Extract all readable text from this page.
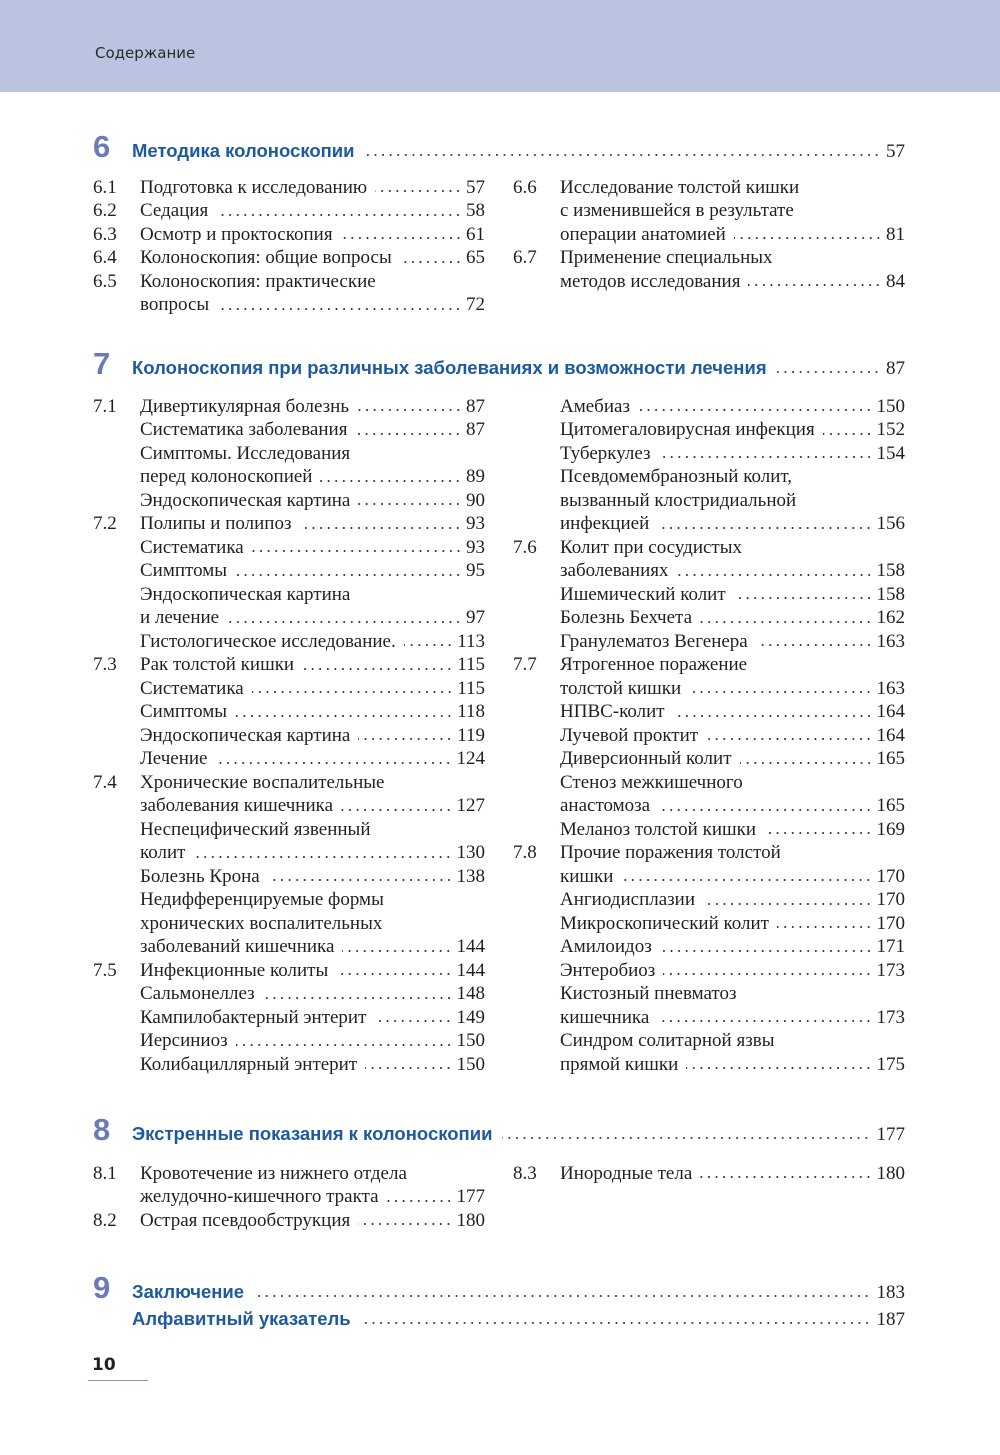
Содержание
6	Методика колоноскопии	57
6.1	Подготовка к исследованию	57
6.2	Седация	58
6.3	Осмотр и проктоскопия	61
6.4	Колоноскопия: общие вопросы	65
6.5	Колоноскопия: практические
вопросы	72
6.6	Исследование толстой кишки
с изменившейся в результате
операции анатомией	81
6.7	Применение специальных
методов исследования	84
7	Колоноскопия при различных заболеваниях и возможности лечения	87
7.1	Дивертикулярная болезнь	87
Систематика заболевания	87
Симптомы. Исследования
перед колоноскопией	89
Эндоскопическая картина	90
7.2	Полипы и полипоз	93
Систематика	93
Симптомы	95
Эндоскопическая картина
и лечение	97
Гистологическое исследование.	113
7.3	Рак толстой кишки	115
Систематика	115
Симптомы	118
Эндоскопическая картина	119
Лечение	124
7.4	Хронические воспалительные
заболевания кишечника	127
Неспецифический язвенный
колит	130
Болезнь Крона	138
Недифференцируемые формы
хронических воспалительных
заболеваний кишечника	144
7.5	Инфекционные колиты	144
Сальмонеллез	148
Кампилобактерный энтерит	149
Иерсиниоз	150
Колибациллярный энтерит	150
Амебиаз	150
Цитомегаловирусная инфекция	152
Туберкулез	154
Псевдомембранозный колит,
вызванный клостридиальной
инфекцией	156
7.6	Колит при сосудистых
заболеваниях	158
Ишемический колит	158
Болезнь Бехчета	162
Гранулематоз Вегенера	163
7.7	Ятрогенное поражение
толстой кишки	163
НПВС-колит	164
Лучевой проктит	164
Диверсионный колит	165
Стеноз межкишечного
анастомоза	165
Меланоз толстой кишки	169
7.8	Прочие поражения толстой
кишки	170
Ангиодисплазии	170
Микроскопический колит	170
Амилоидоз	171
Энтеробиоз	173
Кистозный пневматоз
кишечника	173
Синдром солитарной язвы
прямой кишки	175
8	Экстренные показания к колоноскопии	177
8.1	Кровотечение из нижнего отдела
желудочно-кишечного тракта	177
8.2	Острая псевдообструкция	180
8.3	Инородные тела	180
9	Заключение	183
Алфавитный указатель	187
10
